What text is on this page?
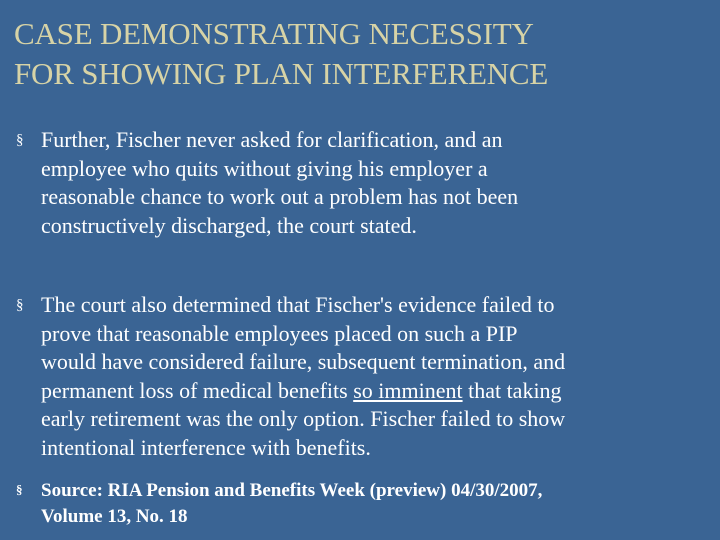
CASE DEMONSTRATING NECESSITY
FOR SHOWING PLAN INTERFERENCE
§ Further, Fischer never asked for clarification, and an
employee who quits without giving his employer a
reasonable chance to work out a problem has not been
constructively discharged, the court stated.
§ The court also determined that Fischer's evidence failed to
prove that reasonable employees placed on such a PIP
would have considered failure, subsequent termination, and
permanent loss of medical benefits so imminent that taking
early retirement was the only option. Fischer failed to show
intentional interference with benefits.
§ Source: RIA Pension and Benefits Week (preview) 04/30/2007,
Volume 13, No. 18
